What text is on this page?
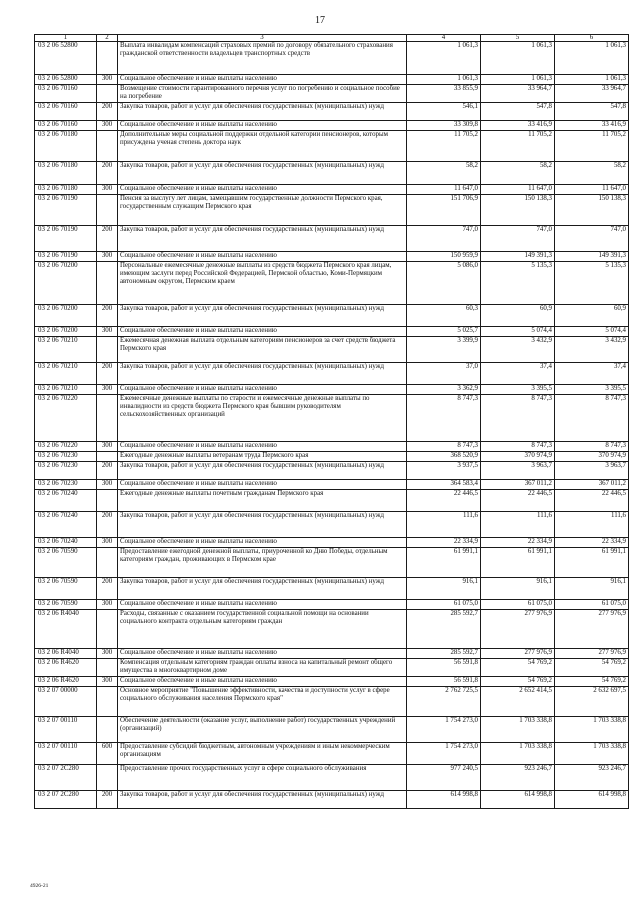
17
1	2	3	4	5	6
03 2 06 52800		Выплата инвалидам компенсаций страховых премий по договору обязательного страхования гражданской ответственности владельцев транспортных средств	1 061,3	1 061,3	1 061,3
03 2 06 52800	300	Социальное обеспечение и иные выплаты населению	1 061,3	1 061,3	1 061,3
03 2 06 70160		Возмещение стоимости гарантированного перечня услуг по погребению и социальное пособие на погребение	33 855,9	33 964,7	33 964,7
03 2 06 70160	200	Закупка товаров, работ и услуг для обеспечения государственных (муниципальных) нужд	546,1	547,8	547,8
03 2 06 70160	300	Социальное обеспечение и иные выплаты населению	33 309,8	33 416,9	33 416,9
03 2 06 70180		Дополнительные меры социальной поддержки отдельной категории пенсионеров, которым присуждена ученая степень доктора наук	11 705,2	11 705,2	11 705,2
03 2 06 70180	200	Закупка товаров, работ и услуг для обеспечения государственных (муниципальных) нужд	58,2	58,2	58,2
03 2 06 70180	300	Социальное обеспечение и иные выплаты населению	11 647,0	11 647,0	11 647,0
03 2 06 70190		Пенсия за выслугу лет лицам, замещавшим государственные должности Пермского края, государственным служащим Пермского края	151 706,9	150 138,3	150 138,3
03 2 06 70190	200	Закупка товаров, работ и услуг для обеспечения государственных (муниципальных) нужд	747,0	747,0	747,0
03 2 06 70190	300	Социальное обеспечение и иные выплаты населению	150 959,9	149 391,3	149 391,3
03 2 06 70200		Персональные ежемесячные денежные выплаты из средств бюджета Пермского края лицам, имеющим заслуги перед Российской Федерацией, Пермской областью, Коми-Пермяцким автономным округом, Пермским краем	5 086,0	5 135,3	5 135,3
03 2 06 70200	200	Закупка товаров, работ и услуг для обеспечения государственных (муниципальных) нужд	60,3	60,9	60,9
03 2 06 70200	300	Социальное обеспечение и иные выплаты населению	5 025,7	5 074,4	5 074,4
03 2 06 70210		Ежемесячная денежная выплата отдельным категориям пенсионеров за счет средств бюджета Пермского края	3 399,9	3 432,9	3 432,9
03 2 06 70210	200	Закупка товаров, работ и услуг для обеспечения государственных (муниципальных) нужд	37,0	37,4	37,4
03 2 06 70210	300	Социальное обеспечение и иные выплаты населению	3 362,9	3 395,5	3 395,5
03 2 06 70220		Ежемесячные денежные выплаты по старости и ежемесячные денежные выплаты по инвалидности из средств бюджета Пермского края бывшим руководителям сельскохозяйственных организаций	8 747,3	8 747,3	8 747,3
03 2 06 70220	300	Социальное обеспечение и иные выплаты населению	8 747,3	8 747,3	8 747,3
03 2 06 70230		Ежегодные денежные выплаты ветеранам труда Пермского края	368 520,9	370 974,9	370 974,9
03 2 06 70230	200	Закупка товаров, работ и услуг для обеспечения государственных (муниципальных) нужд	3 937,5	3 963,7	3 963,7
03 2 06 70230	300	Социальное обеспечение и иные выплаты населению	364 583,4	367 011,2	367 011,2
03 2 06 70240		Ежегодные денежные выплаты почетным гражданам Пермского края	22 446,5	22 446,5	22 446,5
03 2 06 70240	200	Закупка товаров, работ и услуг для обеспечения государственных (муниципальных) нужд	111,6	111,6	111,6
03 2 06 70240	300	Социальное обеспечение и иные выплаты населению	22 334,9	22 334,9	22 334,9
03 2 06 70590		Предоставление ежегодной денежной выплаты, приуроченной ко Дню Победы, отдельным категориям граждан, проживающих в Пермском крае	61 991,1	61 991,1	61 991,1
03 2 06 70590	200	Закупка товаров, работ и услуг для обеспечения государственных (муниципальных) нужд	916,1	916,1	916,1
03 2 06 70590	300	Социальное обеспечение и иные выплаты населению	61 075,0	61 075,0	61 075,0
03 2 06 R4040		Расходы, связанные с оказанием государственной социальной помощи на основании социального контракта отдельным категориям граждан	285 592,7	277 976,9	277 976,9
03 2 06 R4040	300	Социальное обеспечение и иные выплаты населению	285 592,7	277 976,9	277 976,9
03 2 06 R4620		Компенсация отдельным категориям граждан оплаты взноса на капитальный ремонт общего имущества в многоквартирном доме	56 591,8	54 769,2	54 769,2
03 2 06 R4620	300	Социальное обеспечение и иные выплаты населению	56 591,8	54 769,2	54 769,2
03 2 07 00000		Основное мероприятие "Повышение эффективности, качества и доступности услуг в сфере социального обслуживания населения Пермского края"	2 762 725,5	2 652 414,5	2 632 697,5
03 2 07 00110		Обеспечение деятельности (оказание услуг, выполнение работ) государственных учреждений (организаций)	1 754 273,0	1 703 338,8	1 703 338,8
03 2 07 00110	600	Предоставление субсидий бюджетным, автономным учреждениям и иным некоммерческим организациям	1 754 273,0	1 703 338,8	1 703 338,8
03 2 07 2С280		Предоставление прочих государственных услуг в сфере социального обслуживания	977 240,5	923 246,7	923 246,7
03 2 07 2С280	200	Закупка товаров, работ и услуг для обеспечения государственных (муниципальных) нужд	614 998,8	614 998,8	614 998,8
4926-21
